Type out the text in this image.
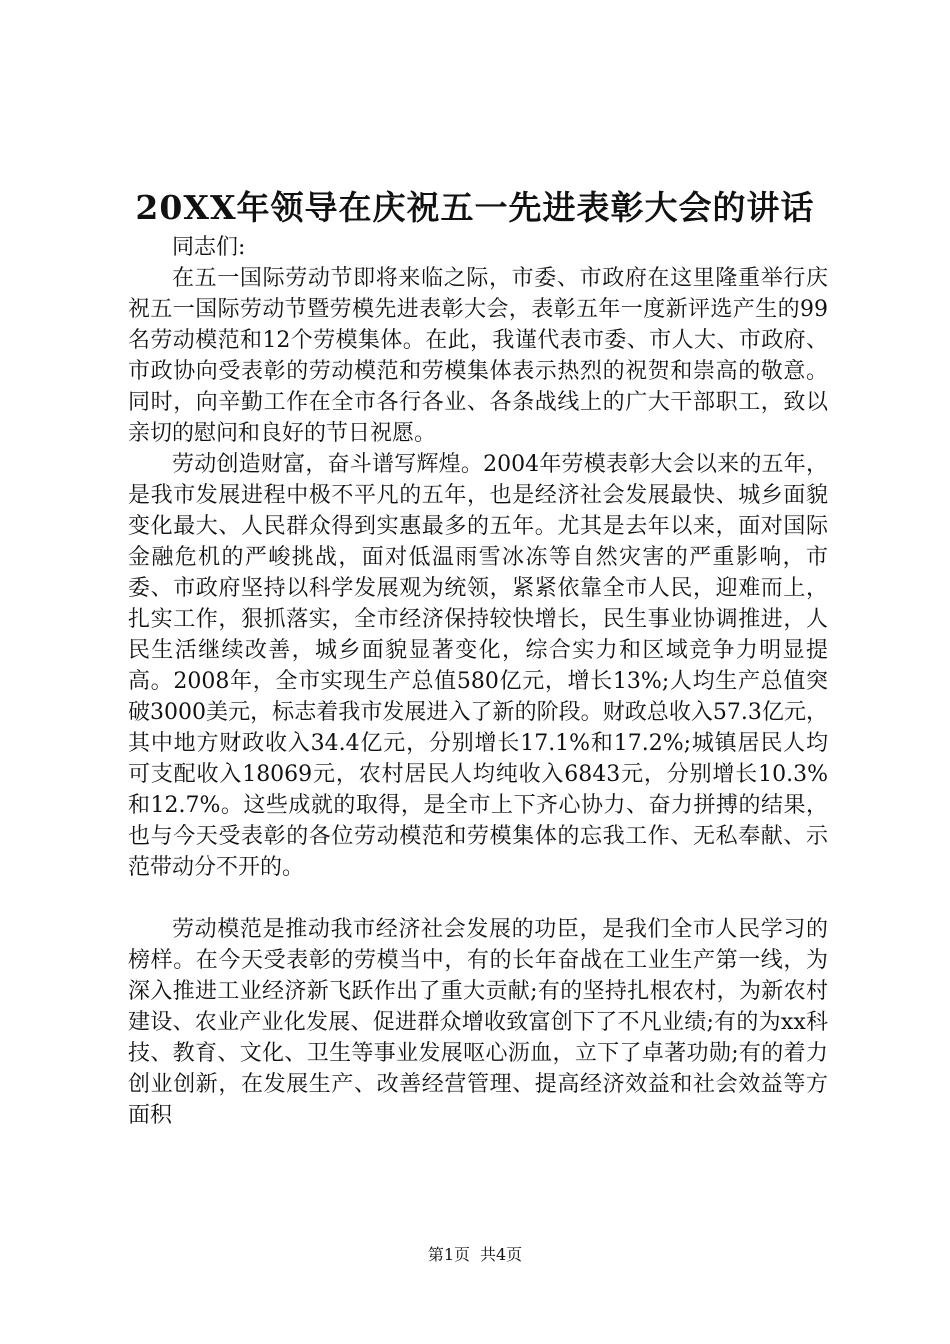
20XX年领导在庆祝五一先进表彰大会的讲话

同志们:

在五一国际劳动节即将来临之际，市委、市政府在这里隆重举行庆祝五一国际劳动节暨劳模先进表彰大会，表彰五年一度新评选产生的99名劳动模范和12个劳模集体。在此，我谨代表市委、市人大、市政府、市政协向受表彰的劳动模范和劳模集体表示热烈的祝贺和崇高的敬意。同时，向辛勤工作在全市各行各业、各条战线上的广大干部职工，致以亲切的慰问和良好的节日祝愿。

劳动创造财富，奋斗谱写辉煌。2004年劳模表彰大会以来的五年，是我市发展进程中极不平凡的五年，也是经济社会发展最快、城乡面貌变化最大、人民群众得到实惠最多的五年。尤其是去年以来，面对国际金融危机的严峻挑战，面对低温雨雪冰冻等自然灾害的严重影响，市委、市政府坚持以科学发展观为统领，紧紧依靠全市人民，迎难而上，扎实工作，狠抓落实，全市经济保持较快增长，民生事业协调推进，人民生活继续改善，城乡面貌显著变化，综合实力和区域竞争力明显提高。2008年，全市实现生产总值580亿元，增长13%;人均生产总值突破3000美元，标志着我市发展进入了新的阶段。财政总收入57.3亿元，其中地方财政收入34.4亿元，分别增长17.1%和17.2%;城镇居民人均可支配收入18069元，农村居民人均纯收入6843元，分别增长10.3%和12.7%。这些成就的取得，是全市上下齐心协力、奋力拼搏的结果，也与今天受表彰的各位劳动模范和劳模集体的忘我工作、无私奉献、示范带动分不开的。

劳动模范是推动我市经济社会发展的功臣，是我们全市人民学习的榜样。在今天受表彰的劳模当中，有的长年奋战在工业生产第一线，为深入推进工业经济新飞跃作出了重大贡献;有的坚持扎根农村，为新农村建设、农业产业化发展、促进群众增收致富创下了不凡业绩;有的为xx科技、教育、文化、卫生等事业发展呕心沥血，立下了卓著功勋;有的着力创业创新，在发展生产、改善经营管理、提高经济效益和社会效益等方面积

第1页 共4页
